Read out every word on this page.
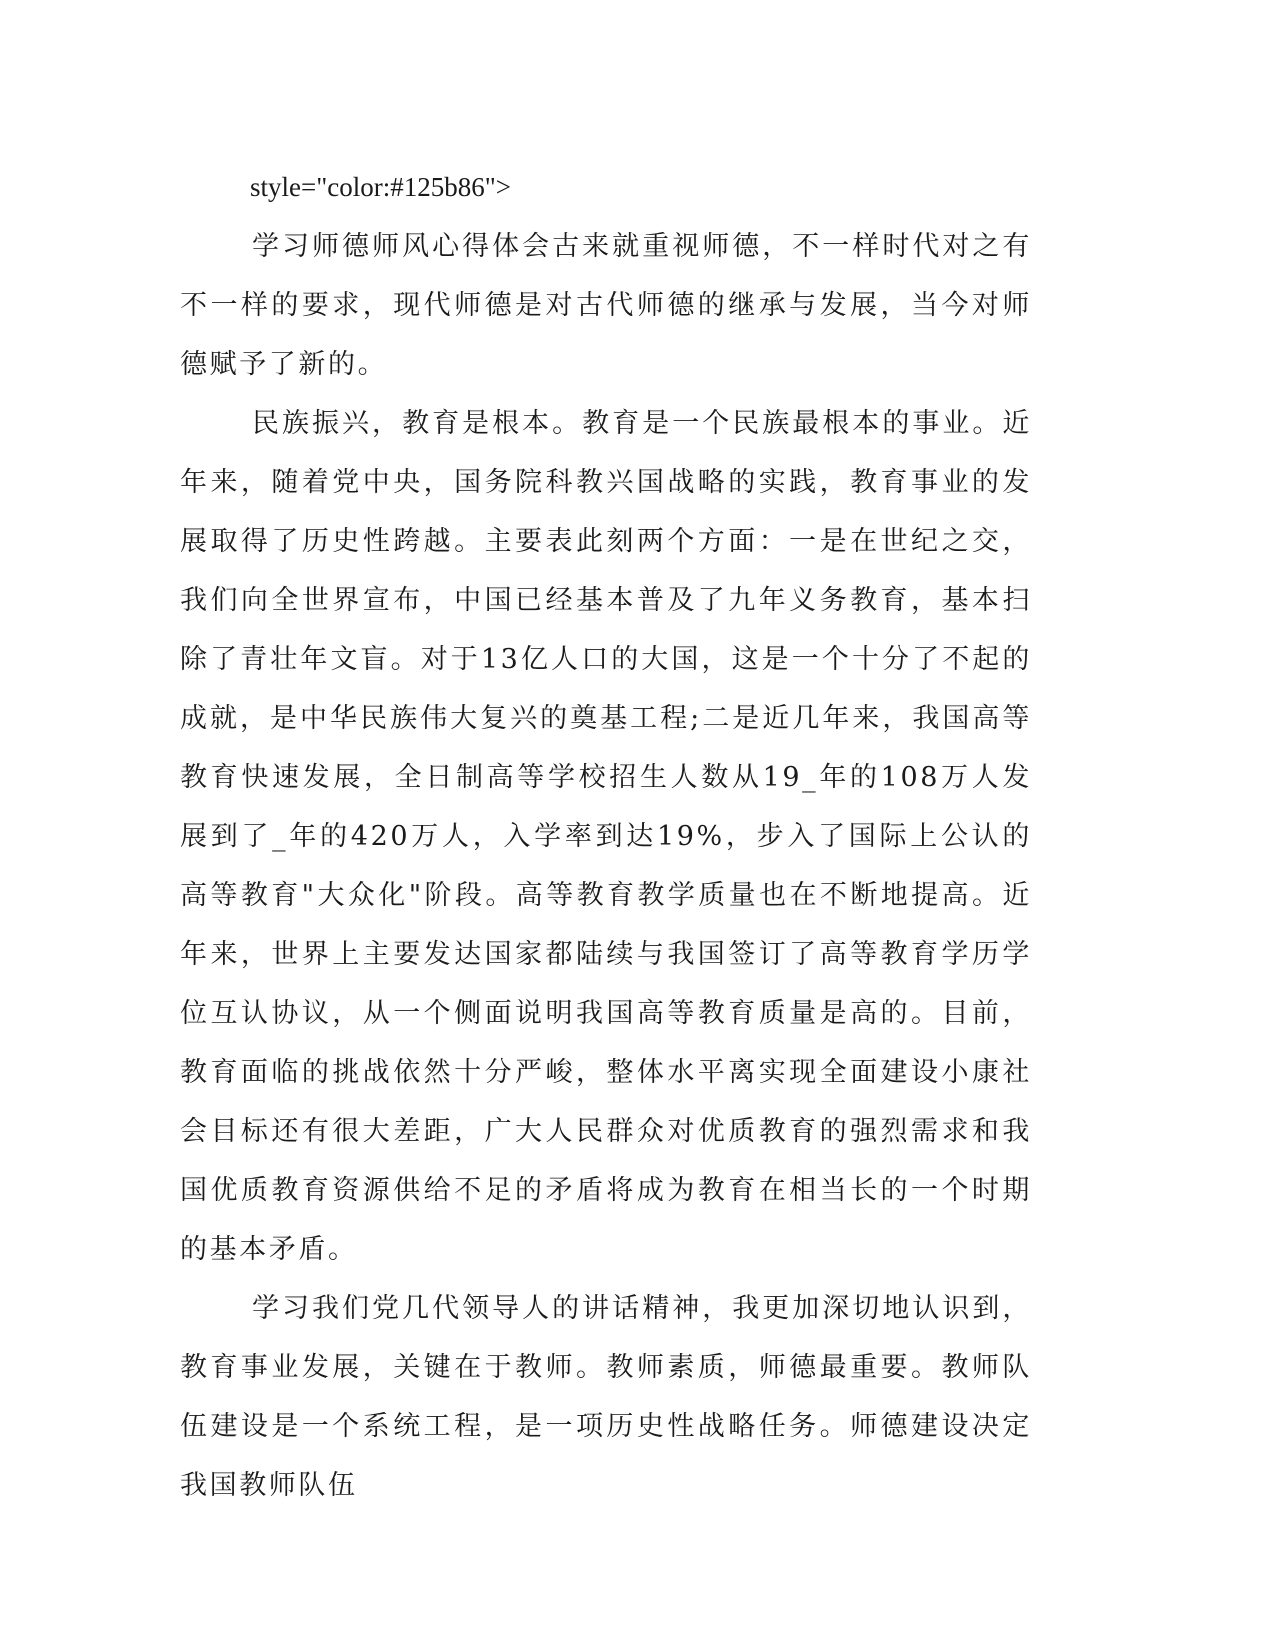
style="color:#125b86">

学习师德师风心得体会古来就重视师德，不一样时代对之有不一样的要求，现代师德是对古代师德的继承与发展，当今对师德赋予了新的。

民族振兴，教育是根本。教育是一个民族最根本的事业。近年来，随着党中央，国务院科教兴国战略的实践，教育事业的发展取得了历史性跨越。主要表此刻两个方面：一是在世纪之交，我们向全世界宣布，中国已经基本普及了九年义务教育，基本扫除了青壮年文盲。对于13亿人口的大国，这是一个十分了不起的成就，是中华民族伟大复兴的奠基工程;二是近几年来，我国高等教育快速发展，全日制高等学校招生人数从19_年的108万人发展到了_年的420万人，入学率到达19%，步入了国际上公认的高等教育"大众化"阶段。高等教育教学质量也在不断地提高。近年来，世界上主要发达国家都陆续与我国签订了高等教育学历学位互认协议，从一个侧面说明我国高等教育质量是高的。目前，教育面临的挑战依然十分严峻，整体水平离实现全面建设小康社会目标还有很大差距，广大人民群众对优质教育的强烈需求和我国优质教育资源供给不足的矛盾将成为教育在相当长的一个时期的基本矛盾。

学习我们党几代领导人的讲话精神，我更加深切地认识到，教育事业发展，关键在于教师。教师素质，师德最重要。教师队伍建设是一个系统工程，是一项历史性战略任务。师德建设决定我国教师队伍
